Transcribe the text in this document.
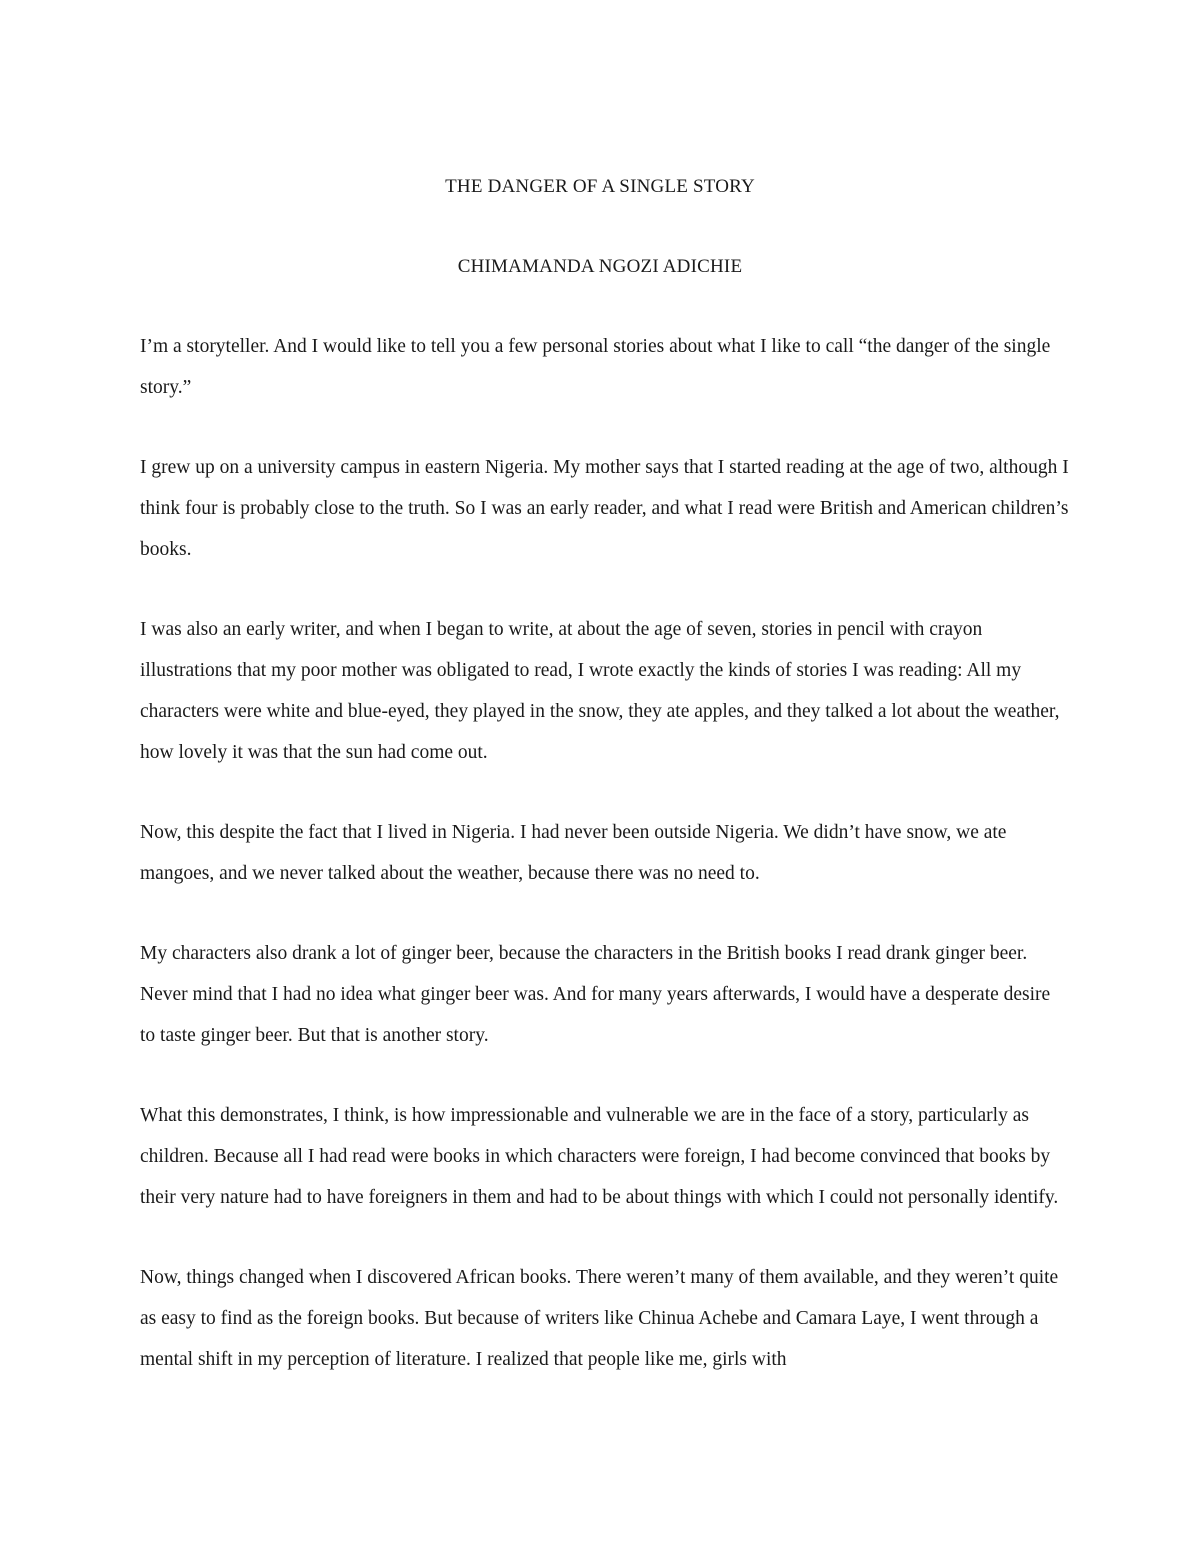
THE DANGER OF A SINGLE STORY
CHIMAMANDA NGOZI ADICHIE

I’m a storyteller. And I would like to tell you a few personal stories about what I like to call “the danger of the single story.”

I grew up on a university campus in eastern Nigeria. My mother says that I started reading at the age of two, although I think four is probably close to the truth. So I was an early reader, and what I read were British and American children’s books.

I was also an early writer, and when I began to write, at about the age of seven, stories in pencil with crayon illustrations that my poor mother was obligated to read, I wrote exactly the kinds of stories I was reading: All my characters were white and blue-eyed, they played in the snow, they ate apples, and they talked a lot about the weather, how lovely it was that the sun had come out.

Now, this despite the fact that I lived in Nigeria. I had never been outside Nigeria. We didn’t have snow, we ate mangoes, and we never talked about the weather, because there was no need to.

My characters also drank a lot of ginger beer, because the characters in the British books I read drank ginger beer. Never mind that I had no idea what ginger beer was. And for many years afterwards, I would have a desperate desire to taste ginger beer. But that is another story.

What this demonstrates, I think, is how impressionable and vulnerable we are in the face of a story, particularly as children. Because all I had read were books in which characters were foreign, I had become convinced that books by their very nature had to have foreigners in them and had to be about things with which I could not personally identify.

Now, things changed when I discovered African books. There weren’t many of them available, and they weren’t quite as easy to find as the foreign books. But because of writers like Chinua Achebe and Camara Laye, I went through a mental shift in my perception of literature. I realized that people like me, girls with
